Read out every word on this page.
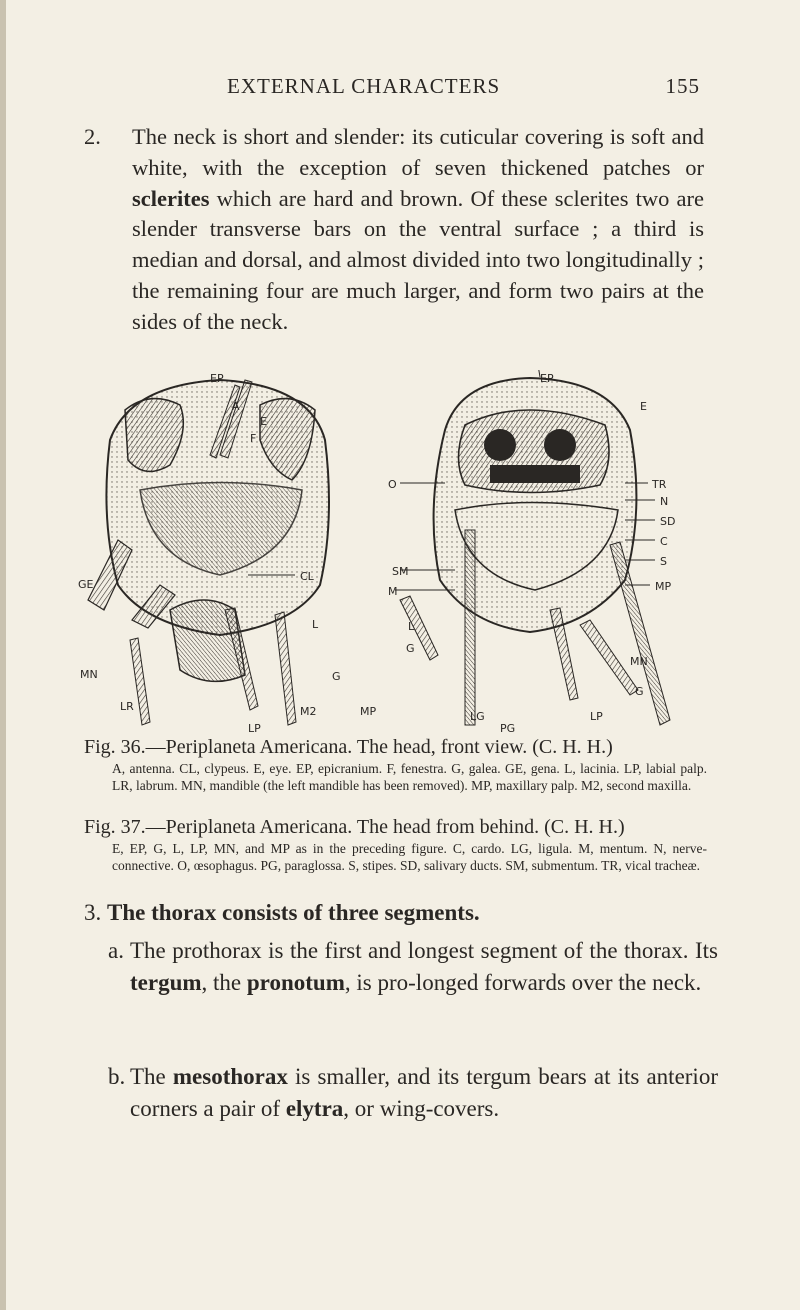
EXTERNAL CHARACTERS	155
2. The neck is short and slender: its cuticular covering is soft and white, with the exception of seven thickened patches or sclerites which are hard and brown. Of these sclerites two are slender transverse bars on the ventral surface ; a third is median and dorsal, and almost divided into two longitudinally ; the remaining four are much larger, and form two pairs at the sides of the neck.
EP
E
A
F
GE
CL
MN
LR	M2
LP
G
L
MP
EP
E
O	TR
N
SD
C
SM
S
M	MP
L
G
MN
G
LG
PG
LP
Fig. 36.—Periplaneta Americana. The head, front view. (C. H. H.)
A, antenna. CL, clypeus. E, eye. EP, epicranium. F, fenestra. G, galea. GE, gena. L, lacinia. LP, labial palp. LR, labrum. MN, mandible (the left mandible has been removed). MP, maxillary palp. M2, second maxilla.
Fig. 37.—Periplaneta Americana. The head from behind. (C. H. H.)
E, EP, G, L, LP, MN, and MP as in the preceding figure. C, cardo. LG, ligula. M, mentum. N, nerve-connective. O, œsophagus. PG, paraglossa. S, stipes. SD, salivary ducts. SM, submentum. TR, vical tracheæ.
3. The thorax consists of three segments.
a. The prothorax is the first and longest segment of the thorax. Its tergum, the pronotum, is pro-longed forwards over the neck.
b. The mesothorax is smaller, and its tergum bears at its anterior corners a pair of elytra, or wing-covers.
